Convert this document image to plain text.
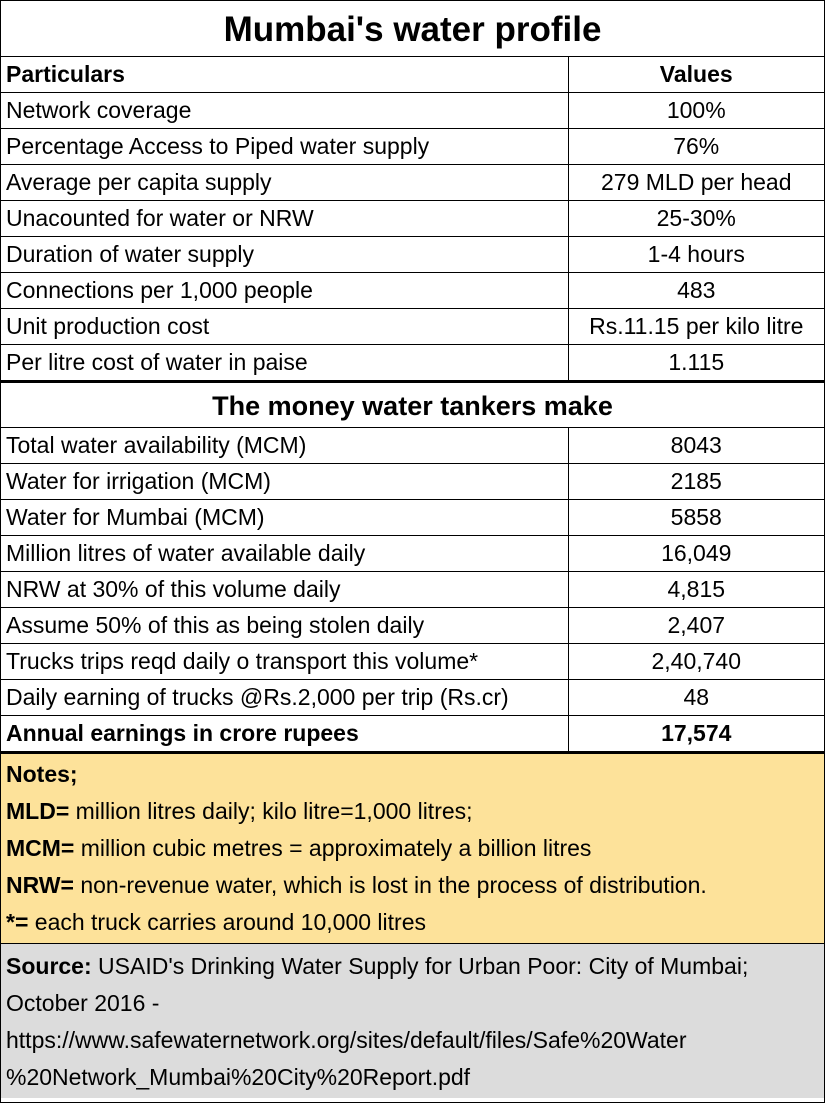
Mumbai's water profile
Particulars	Values
Network coverage	100%
Percentage Access to Piped water supply	76%
Average per capita supply	279 MLD per head
Unacounted for water or NRW	25-30%
Duration of water supply	1-4 hours
Connections per 1,000 people	483
Unit production cost	Rs.11.15 per kilo litre
Per litre cost of water in paise	1.115
The money water tankers make
Total water availability (MCM)	8043
Water for irrigation (MCM)	2185
Water for Mumbai (MCM)	5858
Million litres of water available daily	16,049
NRW at 30% of this volume daily	4,815
Assume 50% of this as being stolen daily	2,407
Trucks trips reqd daily o transport this volume*	2,40,740
Daily earning of trucks @Rs.2,000 per trip (Rs.cr)	48
Annual earnings in crore rupees	17,574
Notes;
MLD= million litres daily; kilo litre=1,000 litres;
MCM= million cubic metres = approximately a billion litres
NRW= non-revenue water, which is lost in the process of distribution.
*= each truck carries around 10,000 litres
Source: USAID's Drinking Water Supply for Urban Poor: City of Mumbai;
October 2016 -
https://www.safewaternetwork.org/sites/default/files/Safe%20Water
%20Network_Mumbai%20City%20Report.pdf
